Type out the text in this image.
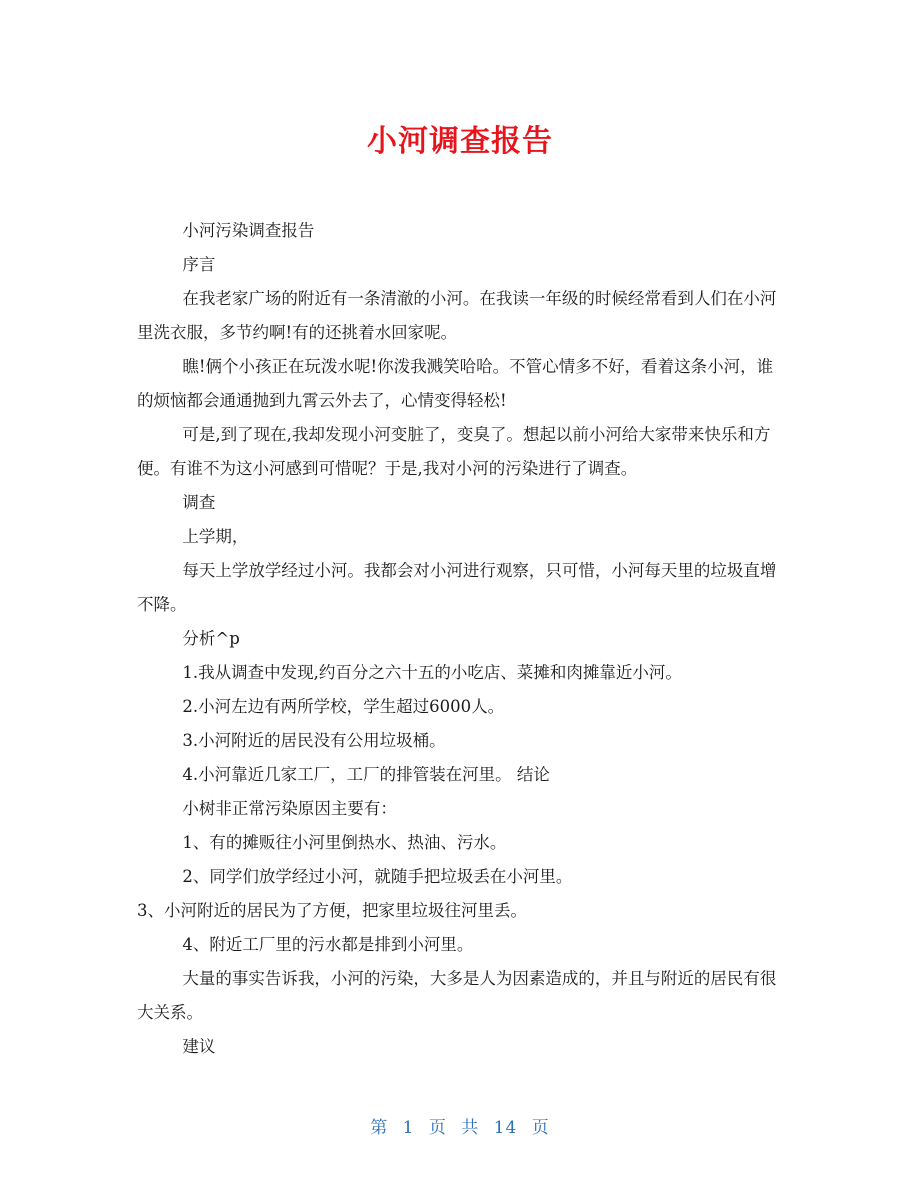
小河调查报告

小河污染调查报告

序言

在我老家广场的附近有一条清澈的小河。在我读一年级的时候经常看到人们在小河里洗衣服，多节约啊!有的还挑着水回家呢。

瞧!俩个小孩正在玩泼水呢!你泼我溅笑哈哈。不管心情多不好，看着这条小河，谁的烦恼都会通通抛到九霄云外去了，心情变得轻松!

可是,到了现在,我却发现小河变脏了，变臭了。想起以前小河给大家带来快乐和方便。有谁不为这小河感到可惜呢？于是,我对小河的污染进行了调查。

调查

上学期，

每天上学放学经过小河。我都会对小河进行观察，只可惜，小河每天里的垃圾直增不降。

分析^p

1.我从调查中发现,约百分之六十五的小吃店、菜摊和肉摊靠近小河。

2.小河左边有两所学校，学生超过6000人。

3.小河附近的居民没有公用垃圾桶。

4.小河靠近几家工厂，工厂的排管装在河里。 结论

小树非正常污染原因主要有：

1、有的摊贩往小河里倒热水、热油、污水。

2、同学们放学经过小河，就随手把垃圾丢在小河里。

3、小河附近的居民为了方便，把家里垃圾往河里丢。

4、附近工厂里的污水都是排到小河里。

大量的事实告诉我，小河的污染，大多是人为因素造成的，并且与附近的居民有很大关系。

建议

第 1 页 共 14 页
